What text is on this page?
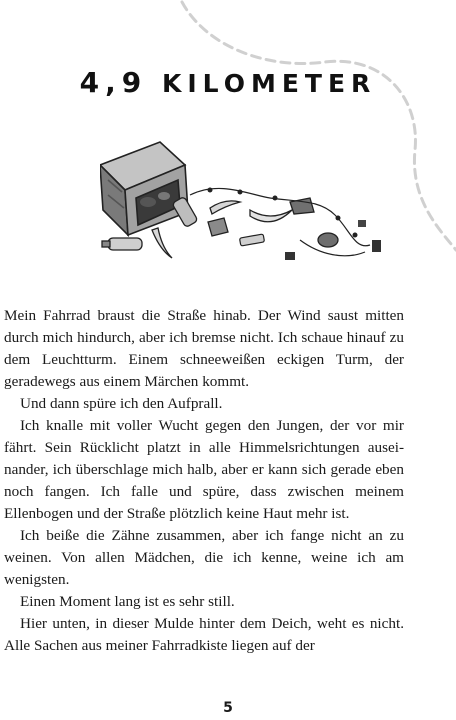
4,9 KILOMETER

Mein Fahrrad braust die Straße hinab. Der Wind saust mitten durch mich hindurch, aber ich bremse nicht. Ich schaue hinauf zu dem Leuchtturm. Einem schneeweißen eckigen Turm, der geradewegs aus einem Märchen kommt.

Und dann spüre ich den Aufprall.

Ich knalle mit voller Wucht gegen den Jungen, der vor mir fährt. Sein Rücklicht platzt in alle Himmelsrichtungen auseinander, ich überschlage mich halb, aber er kann sich gerade eben noch fangen. Ich falle und spüre, dass zwischen meinem Ellenbogen und der Straße plötzlich keine Haut mehr ist.

Ich beiße die Zähne zusammen, aber ich fange nicht an zu weinen. Von allen Mädchen, die ich kenne, weine ich am wenigsten.

Einen Moment lang ist es sehr still.

Hier unten, in dieser Mulde hinter dem Deich, weht es nicht. Alle Sachen aus meiner Fahrradkiste liegen auf der

5
